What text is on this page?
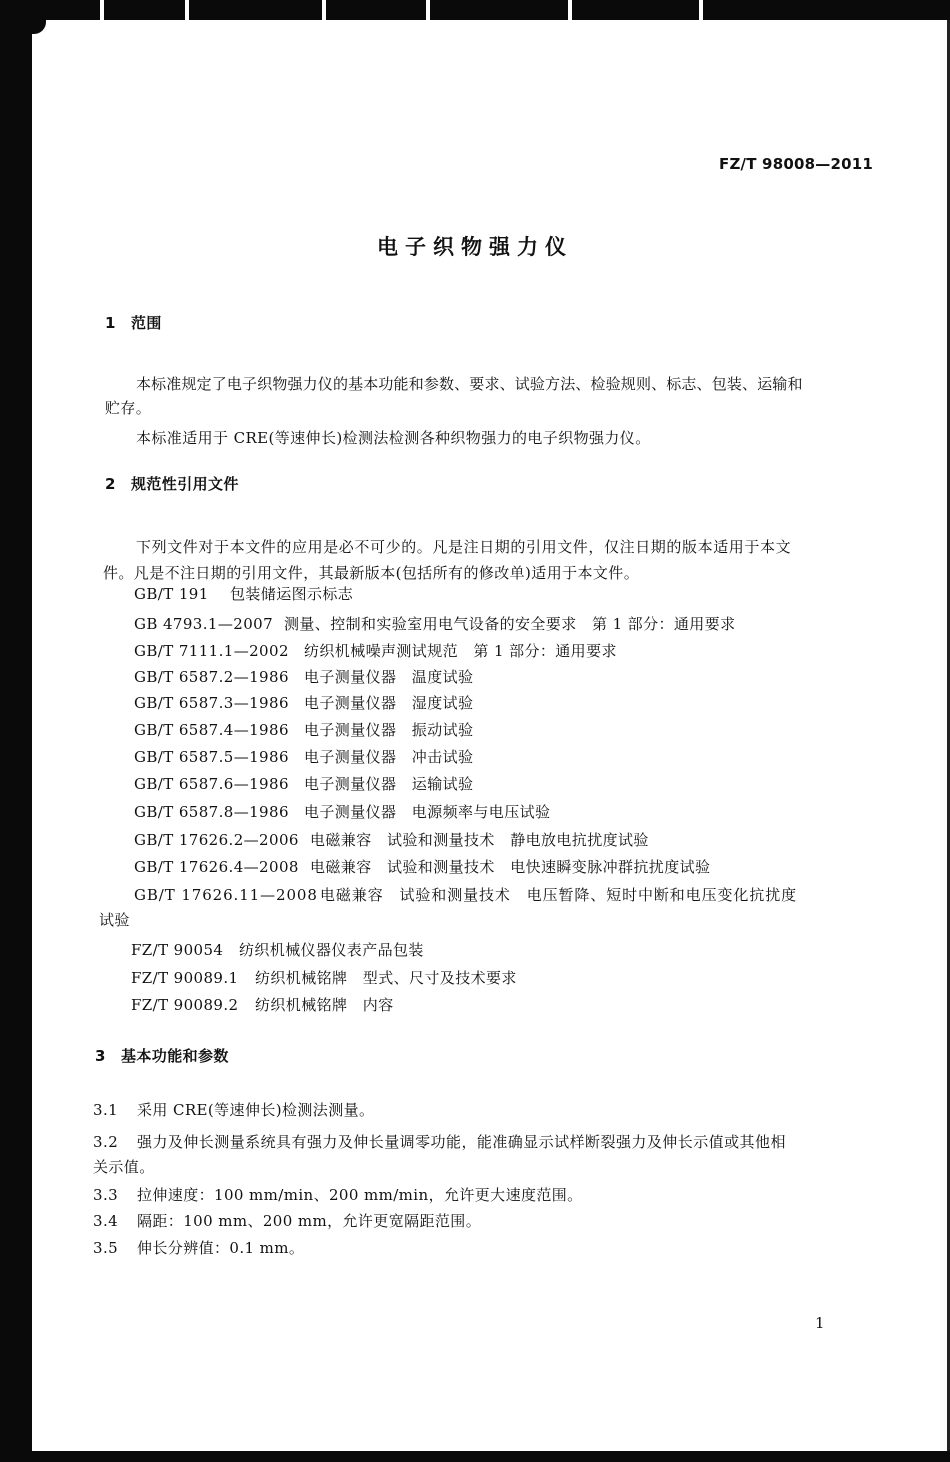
FZ/T 98008—2011
电子织物强力仪
1 范围
本标准规定了电子织物强力仪的基本功能和参数、要求、试验方法、检验规则、标志、包装、运输和
贮存。
本标准适用于 CRE(等速伸长)检测法检测各种织物强力的电子织物强力仪。
2 规范性引用文件
下列文件对于本文件的应用是必不可少的。凡是注日期的引用文件，仅注日期的版本适用于本文
件。凡是不注日期的引用文件，其最新版本(包括所有的修改单)适用于本文件。
GB/T 191 包装储运图示标志
GB 4793.1—2007 测量、控制和实验室用电气设备的安全要求　第 1 部分：通用要求
GB/T 7111.1—2002 纺织机械噪声测试规范　第 1 部分：通用要求
GB/T 6587.2—1986 电子测量仪器　温度试验
GB/T 6587.3—1986 电子测量仪器　湿度试验
GB/T 6587.4—1986 电子测量仪器　振动试验
GB/T 6587.5—1986 电子测量仪器　冲击试验
GB/T 6587.6—1986 电子测量仪器　运输试验
GB/T 6587.8—1986 电子测量仪器　电源频率与电压试验
GB/T 17626.2—2006 电磁兼容　试验和测量技术　静电放电抗扰度试验
GB/T 17626.4—2008 电磁兼容　试验和测量技术　电快速瞬变脉冲群抗扰度试验
GB/T 17626.11—2008 电磁兼容　试验和测量技术　电压暂降、短时中断和电压变化抗扰度
试验
FZ/T 90054 纺织机械仪器仪表产品包装
FZ/T 90089.1 纺织机械铭牌　型式、尺寸及技术要求
FZ/T 90089.2 纺织机械铭牌　内容
3 基本功能和参数
3.1 采用 CRE(等速伸长)检测法测量。
3.2 强力及伸长测量系统具有强力及伸长量调零功能，能准确显示试样断裂强力及伸长示值或其他相
关示值。
3.3 拉伸速度：100 mm/min、200 mm/min，允许更大速度范围。
3.4 隔距：100 mm、200 mm，允许更宽隔距范围。
3.5 伸长分辨值：0.1 mm。
1
